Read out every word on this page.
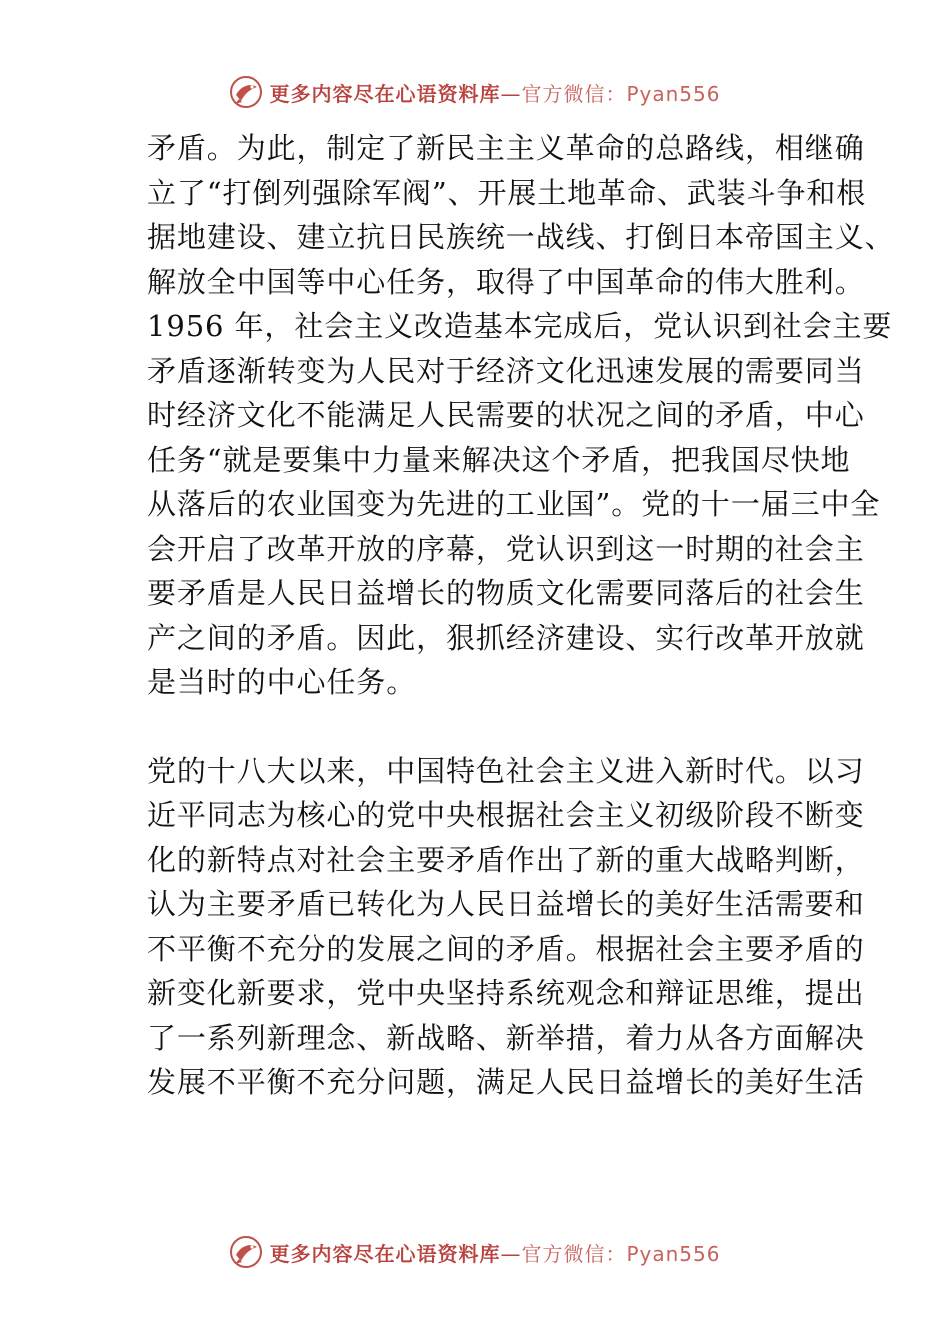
更多内容尽在心语资料库—官方微信：Pyan556

矛盾。为此，制定了新民主主义革命的总路线，相继确
立了“打倒列强除军阀”、开展土地革命、武装斗争和根
据地建设、建立抗日民族统一战线、打倒日本帝国主义、
解放全中国等中心任务，取得了中国革命的伟大胜利。
1956 年，社会主义改造基本完成后，党认识到社会主要
矛盾逐渐转变为人民对于经济文化迅速发展的需要同当
时经济文化不能满足人民需要的状况之间的矛盾，中心
任务“就是要集中力量来解决这个矛盾，把我国尽快地
从落后的农业国变为先进的工业国”。党的十一届三中全
会开启了改革开放的序幕，党认识到这一时期的社会主
要矛盾是人民日益增长的物质文化需要同落后的社会生
产之间的矛盾。因此，狠抓经济建设、实行改革开放就
是当时的中心任务。

党的十八大以来，中国特色社会主义进入新时代。以习
近平同志为核心的党中央根据社会主义初级阶段不断变
化的新特点对社会主要矛盾作出了新的重大战略判断，
认为主要矛盾已转化为人民日益增长的美好生活需要和
不平衡不充分的发展之间的矛盾。根据社会主要矛盾的
新变化新要求，党中央坚持系统观念和辩证思维，提出
了一系列新理念、新战略、新举措，着力从各方面解决
发展不平衡不充分问题，满足人民日益增长的美好生活

更多内容尽在心语资料库—官方微信：Pyan556
